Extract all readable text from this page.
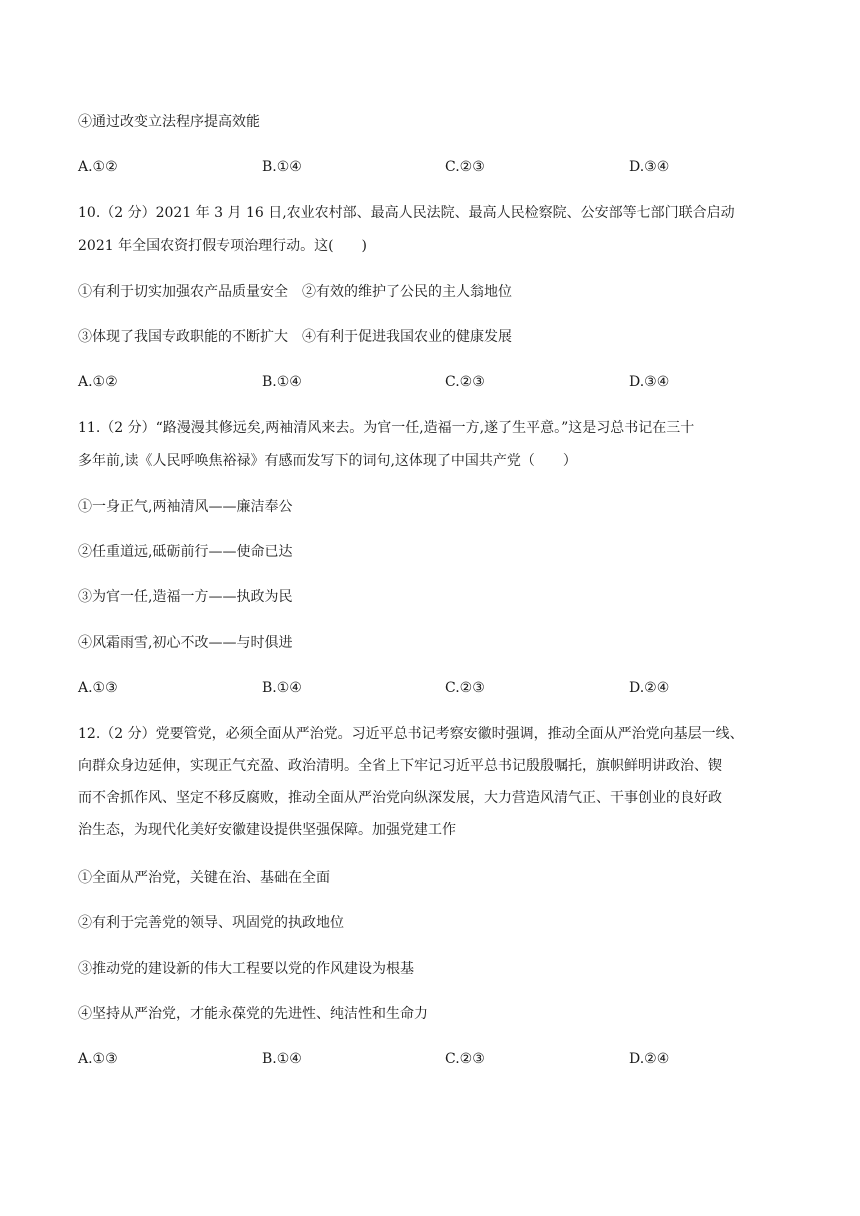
④通过改变立法程序提高效能
A.①②	B.①④	C.②③	D.③④
10.（2 分）2021 年 3 月 16 日,农业农村部、最高人民法院、最高人民检察院、公安部等七部门联合启动
2021 年全国农资打假专项治理行动。这(　　)
①有利于切实加强农产品质量安全　②有效的维护了公民的主人翁地位
③体现了我国专政职能的不断扩大　④有利于促进我国农业的健康发展
A.①②	B.①④	C.②③	D.③④
11.（2 分）“路漫漫其修远矣,两袖清风来去。为官一任,造福一方,遂了生平意。”这是习总书记在三十
多年前,读《人民呼唤焦裕禄》有感而发写下的词句,这体现了中国共产党（　　）
①一身正气,两袖清风——廉洁奉公
②任重道远,砥砺前行——使命已达
③为官一任,造福一方——执政为民
④风霜雨雪,初心不改——与时俱进
A.①③	B.①④	C.②③	D.②④
12.（2 分）党要管党，必须全面从严治党。习近平总书记考察安徽时强调，推动全面从严治党向基层一线、
向群众身边延伸，实现正气充盈、政治清明。全省上下牢记习近平总书记殷殷嘱托，旗帜鲜明讲政治、锲
而不舍抓作风、坚定不移反腐败，推动全面从严治党向纵深发展，大力营造风清气正、干事创业的良好政
治生态，为现代化美好安徽建设提供坚强保障。加强党建工作
①全面从严治党，关键在治、基础在全面
②有利于完善党的领导、巩固党的执政地位
③推动党的建设新的伟大工程要以党的作风建设为根基
④坚持从严治党，才能永葆党的先进性、纯洁性和生命力
A.①③	B.①④	C.②③	D.②④
